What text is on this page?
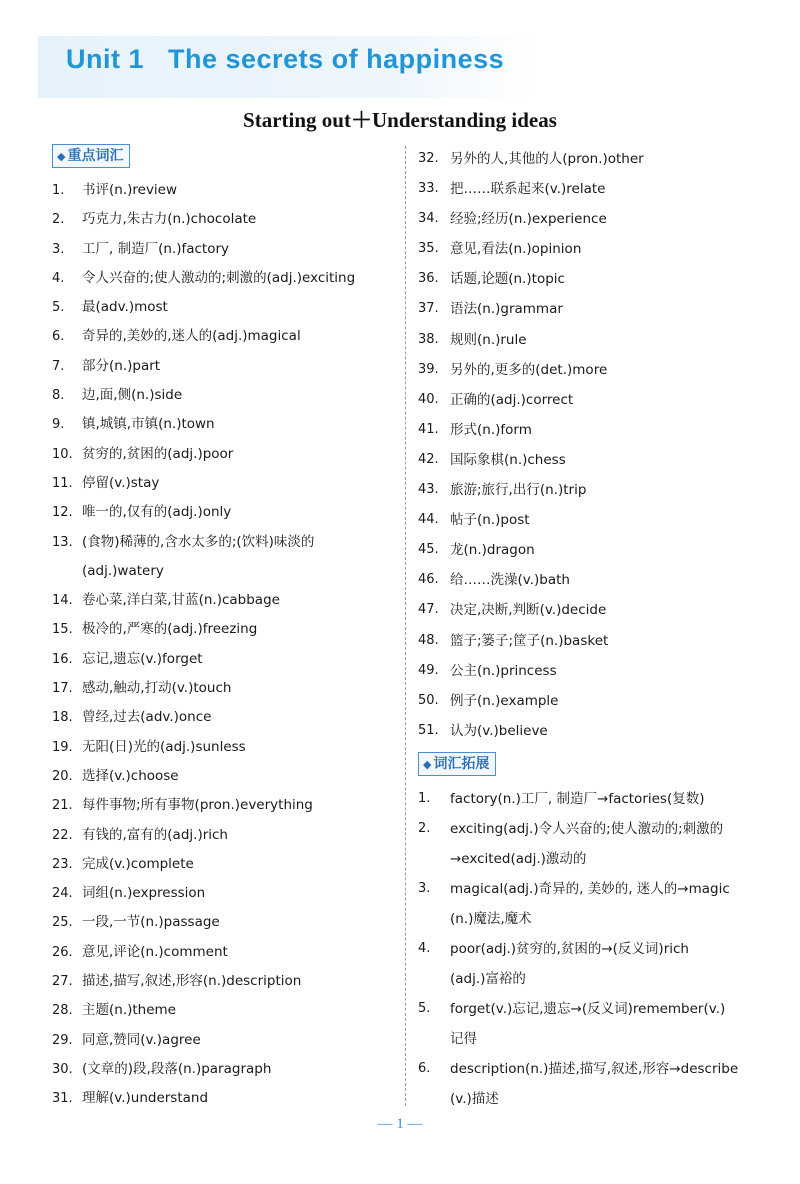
Unit 1   The secrets of happiness
Starting out＋Understanding ideas
◆ 重点词汇
1.	书评(n.)review
2.	巧克力,朱古力(n.)chocolate
3.	工厂, 制造厂(n.)factory
4.	令人兴奋的;使人激动的;刺激的(adj.)exciting
5.	最(adv.)most
6.	奇异的,美妙的,迷人的(adj.)magical
7.	部分(n.)part
8.	边,面,侧(n.)side
9.	镇,城镇,市镇(n.)town
10. 贫穷的,贫困的(adj.)poor
11. 停留(v.)stay
12. 唯一的,仅有的(adj.)only
13. (食物)稀薄的,含水太多的;(饮料)味淡的
(adj.)watery
14. 卷心菜,洋白菜,甘蓝(n.)cabbage
15. 极冷的,严寒的(adj.)freezing
16. 忘记,遗忘(v.)forget
17. 感动,触动,打动(v.)touch
18. 曾经,过去(adv.)once
19. 无阳(日)光的(adj.)sunless
20. 选择(v.)choose
21. 每件事物;所有事物(pron.)everything
22. 有钱的,富有的(adj.)rich
23. 完成(v.)complete
24. 词组(n.)expression
25. 一段,一节(n.)passage
26. 意见,评论(n.)comment
27. 描述,描写,叙述,形容(n.)description
28. 主题(n.)theme
29. 同意,赞同(v.)agree
30. (文章的)段,段落(n.)paragraph
31. 理解(v.)understand
32. 另外的人,其他的人(pron.)other
33. 把……联系起来(v.)relate
34. 经验;经历(n.)experience
35. 意见,看法(n.)opinion
36. 话题,论题(n.)topic
37. 语法(n.)grammar
38. 规则(n.)rule
39. 另外的,更多的(det.)more
40. 正确的(adj.)correct
41. 形式(n.)form
42. 国际象棋(n.)chess
43. 旅游;旅行,出行(n.)trip
44. 帖子(n.)post
45. 龙(n.)dragon
46. 给……洗澡(v.)bath
47. 决定,决断,判断(v.)decide
48. 篮子;篓子;筐子(n.)basket
49. 公主(n.)princess
50. 例子(n.)example
51. 认为(v.)believe
◆ 词汇拓展
1.	factory(n.)工厂, 制造厂→factories(复数)
2.	exciting(adj.)令人兴奋的;使人激动的;刺激的
→excited(adj.)激动的
3.	magical(adj.)奇异的, 美妙的, 迷人的→magic
(n.)魔法,魔术
4.	poor(adj.)贫穷的,贫困的→(反义词)rich
(adj.)富裕的
5.	forget(v.)忘记,遗忘→(反义词)remember(v.)
记得
6.	description(n.)描述,描写,叙述,形容→describe
(v.)描述
— 1 —
